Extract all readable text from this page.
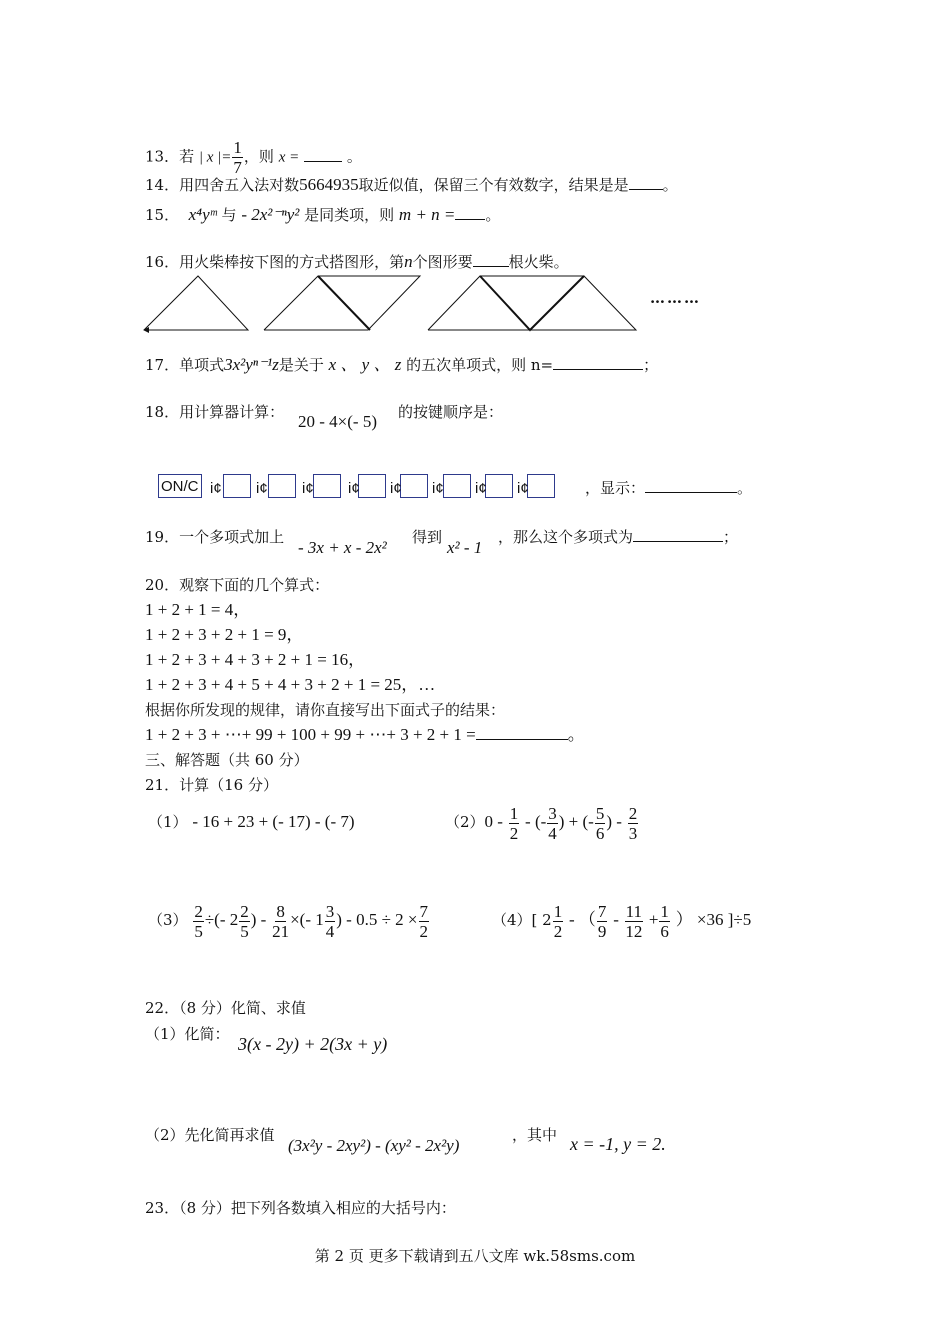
13．若 | x |= $\frac{1}{7}$ ，则 x =	。
14．用四舍五入法对数5664935取近似值，保留三个有效数字，结果是是 。
15． x⁴yᵐ 与 - 2x²⁻ⁿy² 是同类项，则 m + n = 。
16．用火柴棒按下图的方式搭图形，第n个图形要 根火柴。
………
17．单项式3x²yⁿ⁻¹z是关于 x 、 y 、 z 的五次单项式，则 n=	；
18．用计算器计算： 20 - 4×(- 5) 的按键顺序是：
ON/C i¢ i¢ i¢ i¢ i¢ i¢ i¢ i¢	，显示：	。
19．一个多项式加上
- 3x + x - 2x²
得到
x² - 1
，那么这个多项式为	；
20．观察下面的几个算式：
1 + 2 + 1 = 4，
1 + 2 + 3 + 2 + 1 = 9，
1 + 2 + 3 + 4 + 3 + 2 + 1 = 16，
1 + 2 + 3 + 4 + 5 + 4 + 3 + 2 + 1 = 25，…
根据你所发现的规律，请你直接写出下面式子的结果：
1 + 2 + 3 + ⋯+ 99 + 100 + 99 + ⋯+ 3 + 2 + 1 =	。
三、解答题（共 60 分）
21．计算（16 分）
（1） - 16 + 23 + (- 17) - (- 7)	$(2)0 - \frac{1}{2}$ - (- $\frac{3}{4}$ ) + (- $\frac{5}{6}$ ) - $\frac{2}{3}$
$(3) \frac{2}{5}$ ÷(- $2 \frac{2}{5}$ ) - $\frac{8}{21}$ ×(- $1 \frac{3}{4}$ ) - $0.5 \div 2 \times \frac{7}{2}$	（4）[ $2 \frac{1}{2}$ - （ $\frac{7}{9} - \frac{11}{12} + \frac{1}{6}$ ） ×36 ]÷5
22．（8 分）化简、求值
（1）化简： 3(x - 2y) + 2(3x + y)
（2）先化简再求值
(3x²y - 2xy²) - (xy² - 2x²y)
，其中 x = -1, y = 2.
23．（8 分）把下列各数填入相应的大括号内：
第 2 页 更多下载请到五八文库 wk.58sms.com
